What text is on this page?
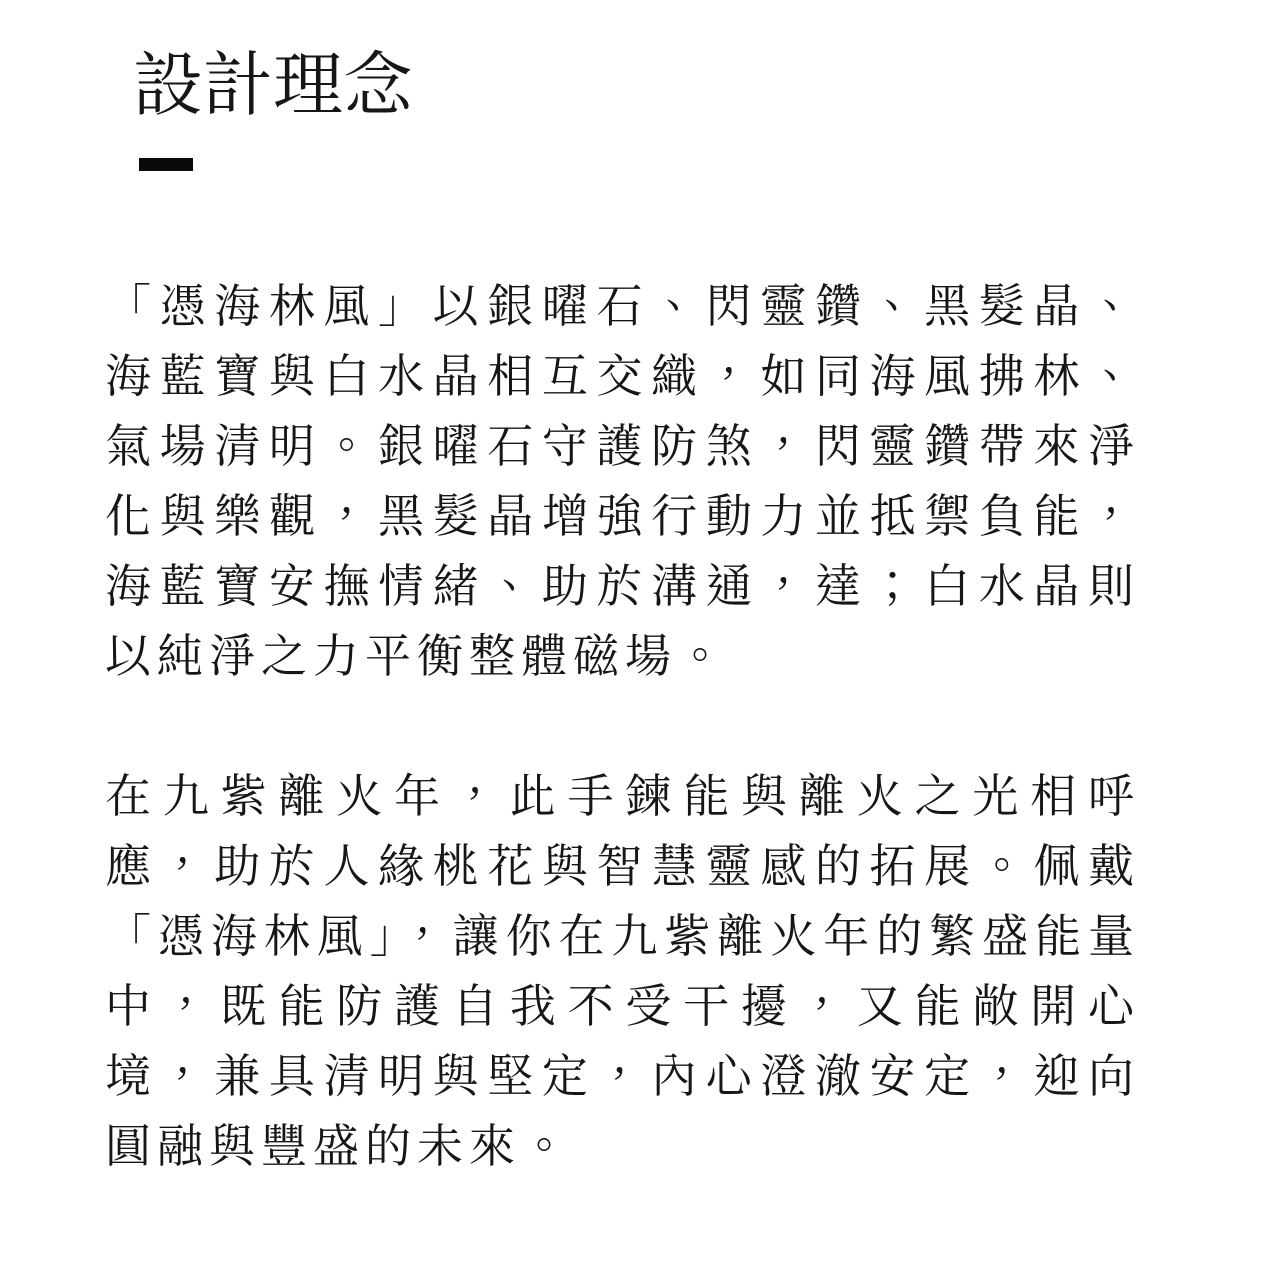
設計理念

「憑海林風」以銀曜石、閃靈鑽、黑髮晶、海藍寶與白水晶相互交織，如同海風拂林、氣場清明。銀曜石守護防煞，閃靈鑽帶來淨化與樂觀，黑髮晶增強行動力並抵禦負能，海藍寶安撫情緒、助於溝通，達；白水晶則以純淨之力平衡整體磁場。

在九紫離火年，此手鍊能與離火之光相呼應，助於人緣桃花與智慧靈感的拓展。佩戴「憑海林風」，讓你在九紫離火年的繁盛能量中，既能防護自我不受干擾，又能敞開心境，兼具清明與堅定，內心澄澈安定，迎向圓融與豐盛的未來。
